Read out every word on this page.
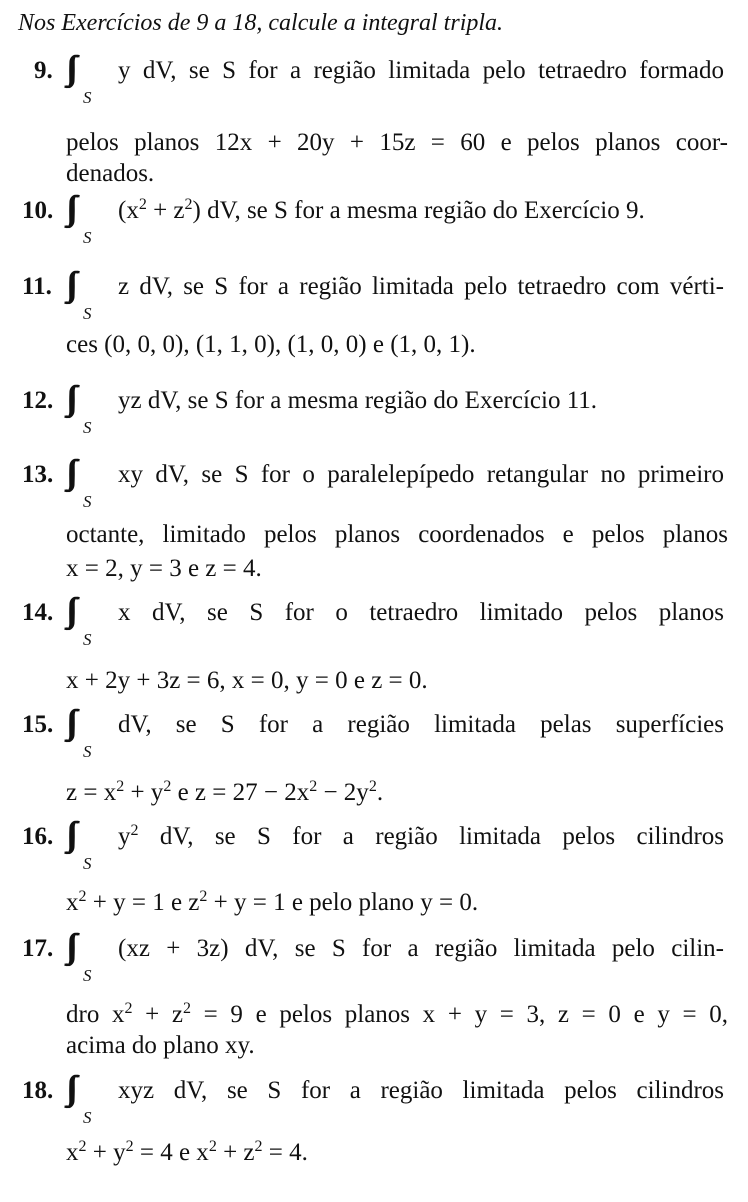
Nos Exercícios de 9 a 18, calcule a integral tripla.
9. ∫∫∫
S
y dV, se S for a região limitada pelo tetraedro formado
pelos planos 12x + 20y + 15z = 60 e pelos planos coor-
denados.
10. ∫∫∫
S
$(x^2 + z^2)$ dV, se S for a mesma região do Exercício 9.
11. ∫∫∫
S
z dV, se S for a região limitada pelo tetraedro com vérti-
ces (0, 0, 0), (1, 1, 0), (1, 0, 0) e (1, 0, 1).
12. ∫∫∫
S
yz dV, se S for a mesma região do Exercício 11.
13. ∫∫∫
S
xy dV, se S for o paralelepípedo retangular no primeiro
octante, limitado pelos planos coordenados e pelos planos
x = 2, y = 3 e z = 4.
14. ∫∫∫
S
x dV, se S for o tetraedro limitado pelos planos
x + 2y + 3z = 6, x = 0, y = 0 e z = 0.
15. ∫∫∫
S
dV, se S for a região limitada pelas superfícies
$z = x^2 + y^2$ e $z = 27 - 2x^2 - 2y^2$.
16. ∫∫∫
S
$y^2$ dV, se S for a região limitada pelos cilindros
$x^2 + y = 1$ e $z^2 + y = 1$ e pelo plano y = 0.
17. ∫∫∫
S
(xz + 3z) dV, se S for a região limitada pelo cilin-
dro $x^2 + z^2 = 9$ e pelos planos x + y = 3, z = 0 e y = 0,
acima do plano xy.
18. ∫∫∫
S
xyz dV, se S for a região limitada pelos cilindros
$x^2 + y^2 = 4$ e $x^2 + z^2 = 4$.
